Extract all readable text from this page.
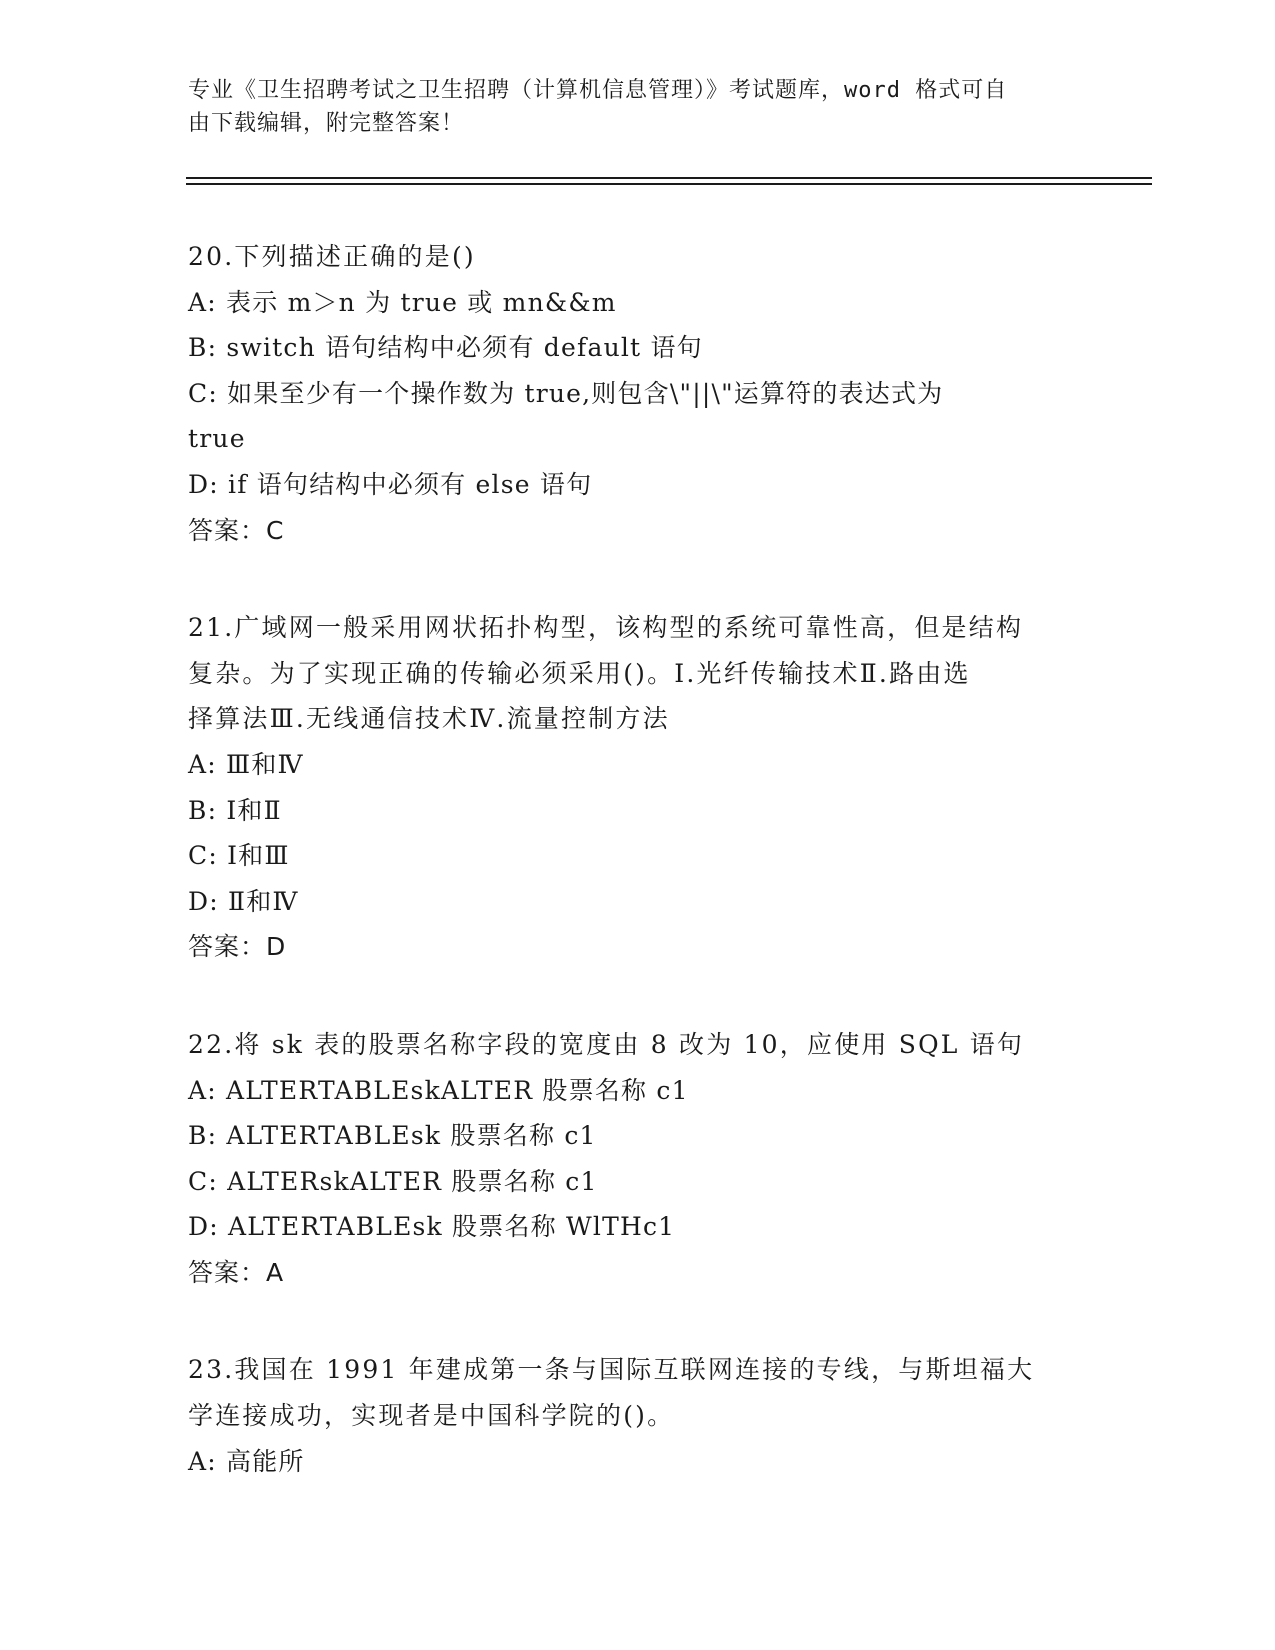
专业《卫生招聘考试之卫生招聘（计算机信息管理）》考试题库，word 格式可自
由下载编辑，附完整答案！
20.下列描述正确的是()
A: 表示 m＞n 为 true 或 mn&&m
B: switch 语句结构中必须有 default 语句
C: 如果至少有一个操作数为 true,则包含\"||\"运算符的表达式为
true
D: if 语句结构中必须有 else 语句
答案：C
21.广域网一般采用网状拓扑构型，该构型的系统可靠性高，但是结构
复杂。为了实现正确的传输必须采用()。Ⅰ.光纤传输技术Ⅱ.路由选
择算法Ⅲ.无线通信技术Ⅳ.流量控制方法
A: Ⅲ和Ⅳ
B: Ⅰ和Ⅱ
C: Ⅰ和Ⅲ
D: Ⅱ和Ⅳ
答案：D
22.将 sk 表的股票名称字段的宽度由 8 改为 10，应使用 SQL 语句
A: ALTERTABLEskALTER 股票名称 c1
B: ALTERTABLEsk 股票名称 c1
C: ALTERskALTER 股票名称 c1
D: ALTERTABLEsk 股票名称 WlTHc1
答案：A
23.我国在 1991 年建成第一条与国际互联网连接的专线，与斯坦福大
学连接成功，实现者是中国科学院的()。
A: 高能所
